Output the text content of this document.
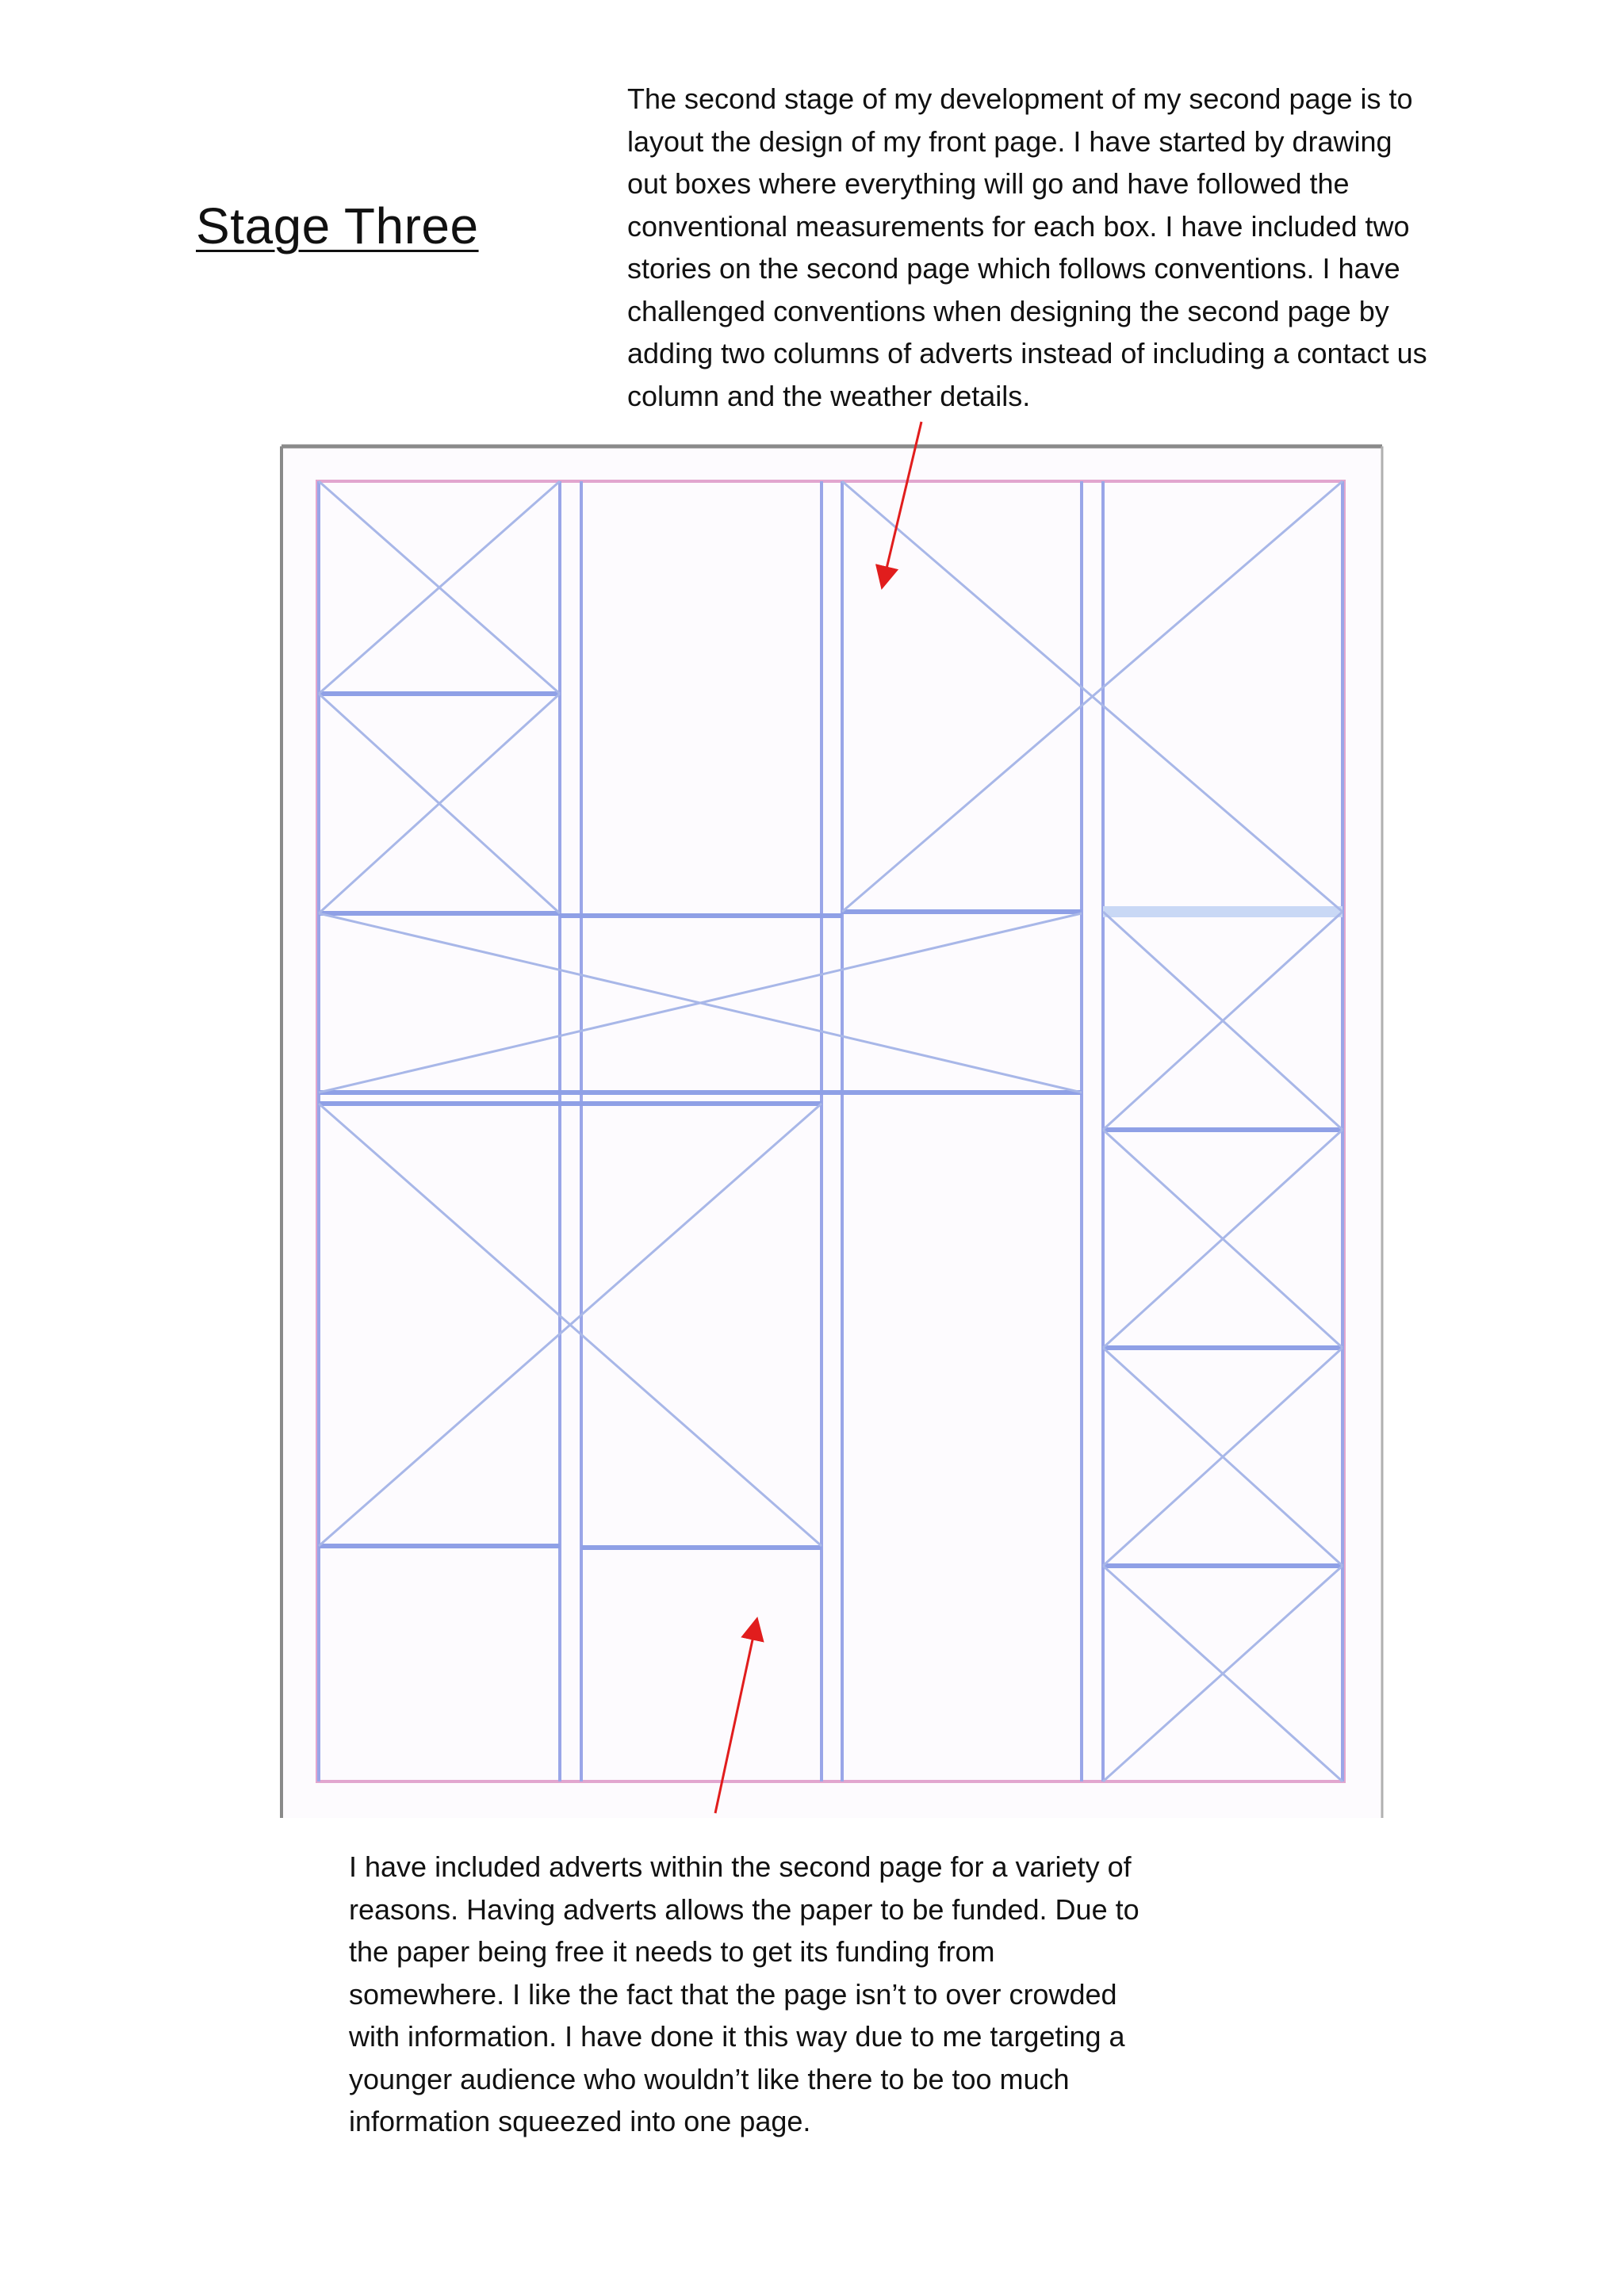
Stage Three

The second stage of my development of my second page is to
layout the design of my front page. I have started by drawing
out boxes where everything will go and have followed the
conventional measurements for each box. I have included two
stories on the second page which follows conventions. I have
challenged conventions when designing the second page by
adding two columns of adverts instead of including a contact us
column and the weather details.

I have included adverts within the second page for a variety of
reasons. Having adverts allows the paper to be funded. Due to
the paper being free it needs to get its funding from
somewhere. I like the fact that the page isn’t to over crowded
with information. I have done it this way due to me targeting a
younger audience who wouldn’t like there to be too much
information squeezed into one page.
